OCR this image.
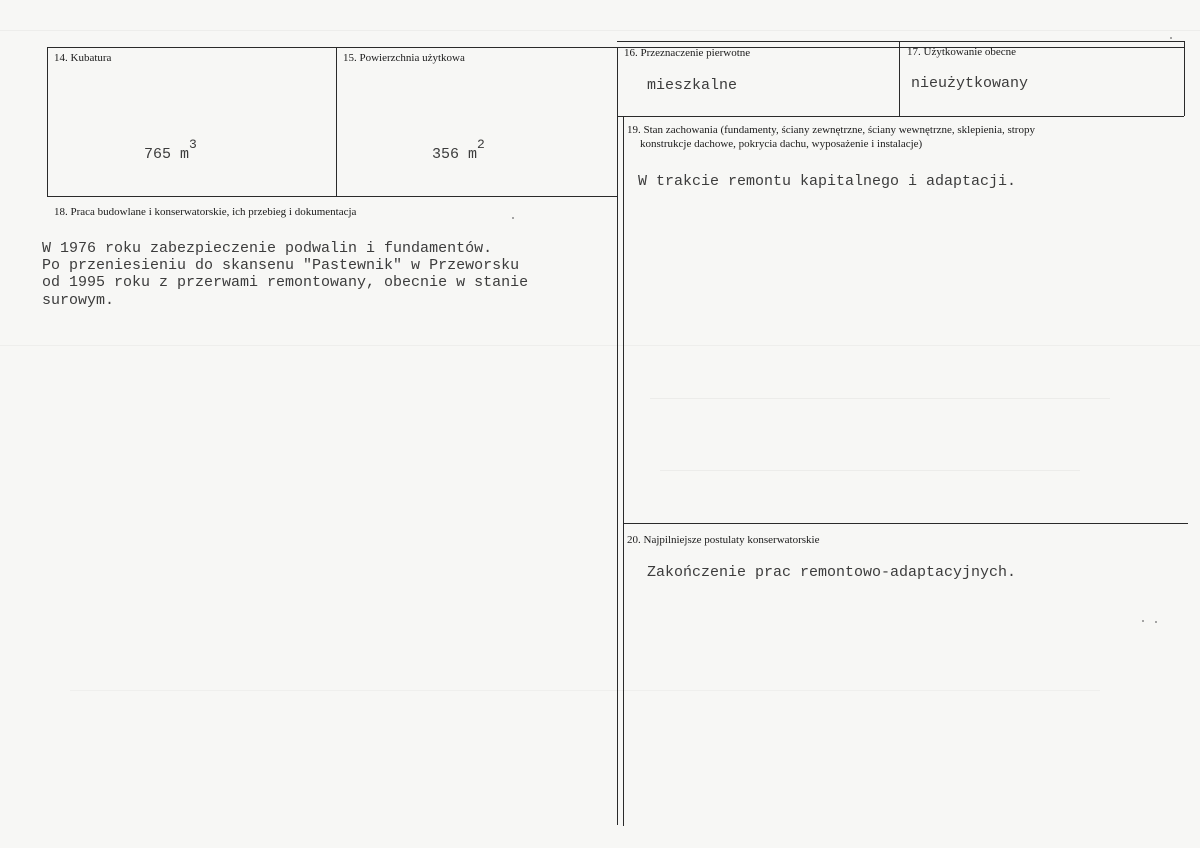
14. Kubatura
765 m3
15. Powierzchnia użytkowa
356 m2
16. Przeznaczenie pierwotne
mieszkalne
17. Użytkowanie obecne
nieużytkowany
18. Praca budowlane i konserwatorskie, ich przebieg i dokumentacja
W 1976 roku zabezpieczenie podwalin i fundamentów.
Po przeniesieniu do skansenu "Pastewnik" w Przeworsku
od 1995 roku z przerwami remontowany, obecnie w stanie
surowym.
19. Stan zachowania (fundamenty, ściany zewnętrzne, ściany wewnętrzne, sklepienia, stropy
konstrukcje dachowe, pokrycia dachu, wyposażenie i instalacje)
W trakcie remontu kapitalnego i adaptacji.
20. Najpilniejsze postulaty konserwatorskie
Zakończenie prac remontowo-adaptacyjnych.
